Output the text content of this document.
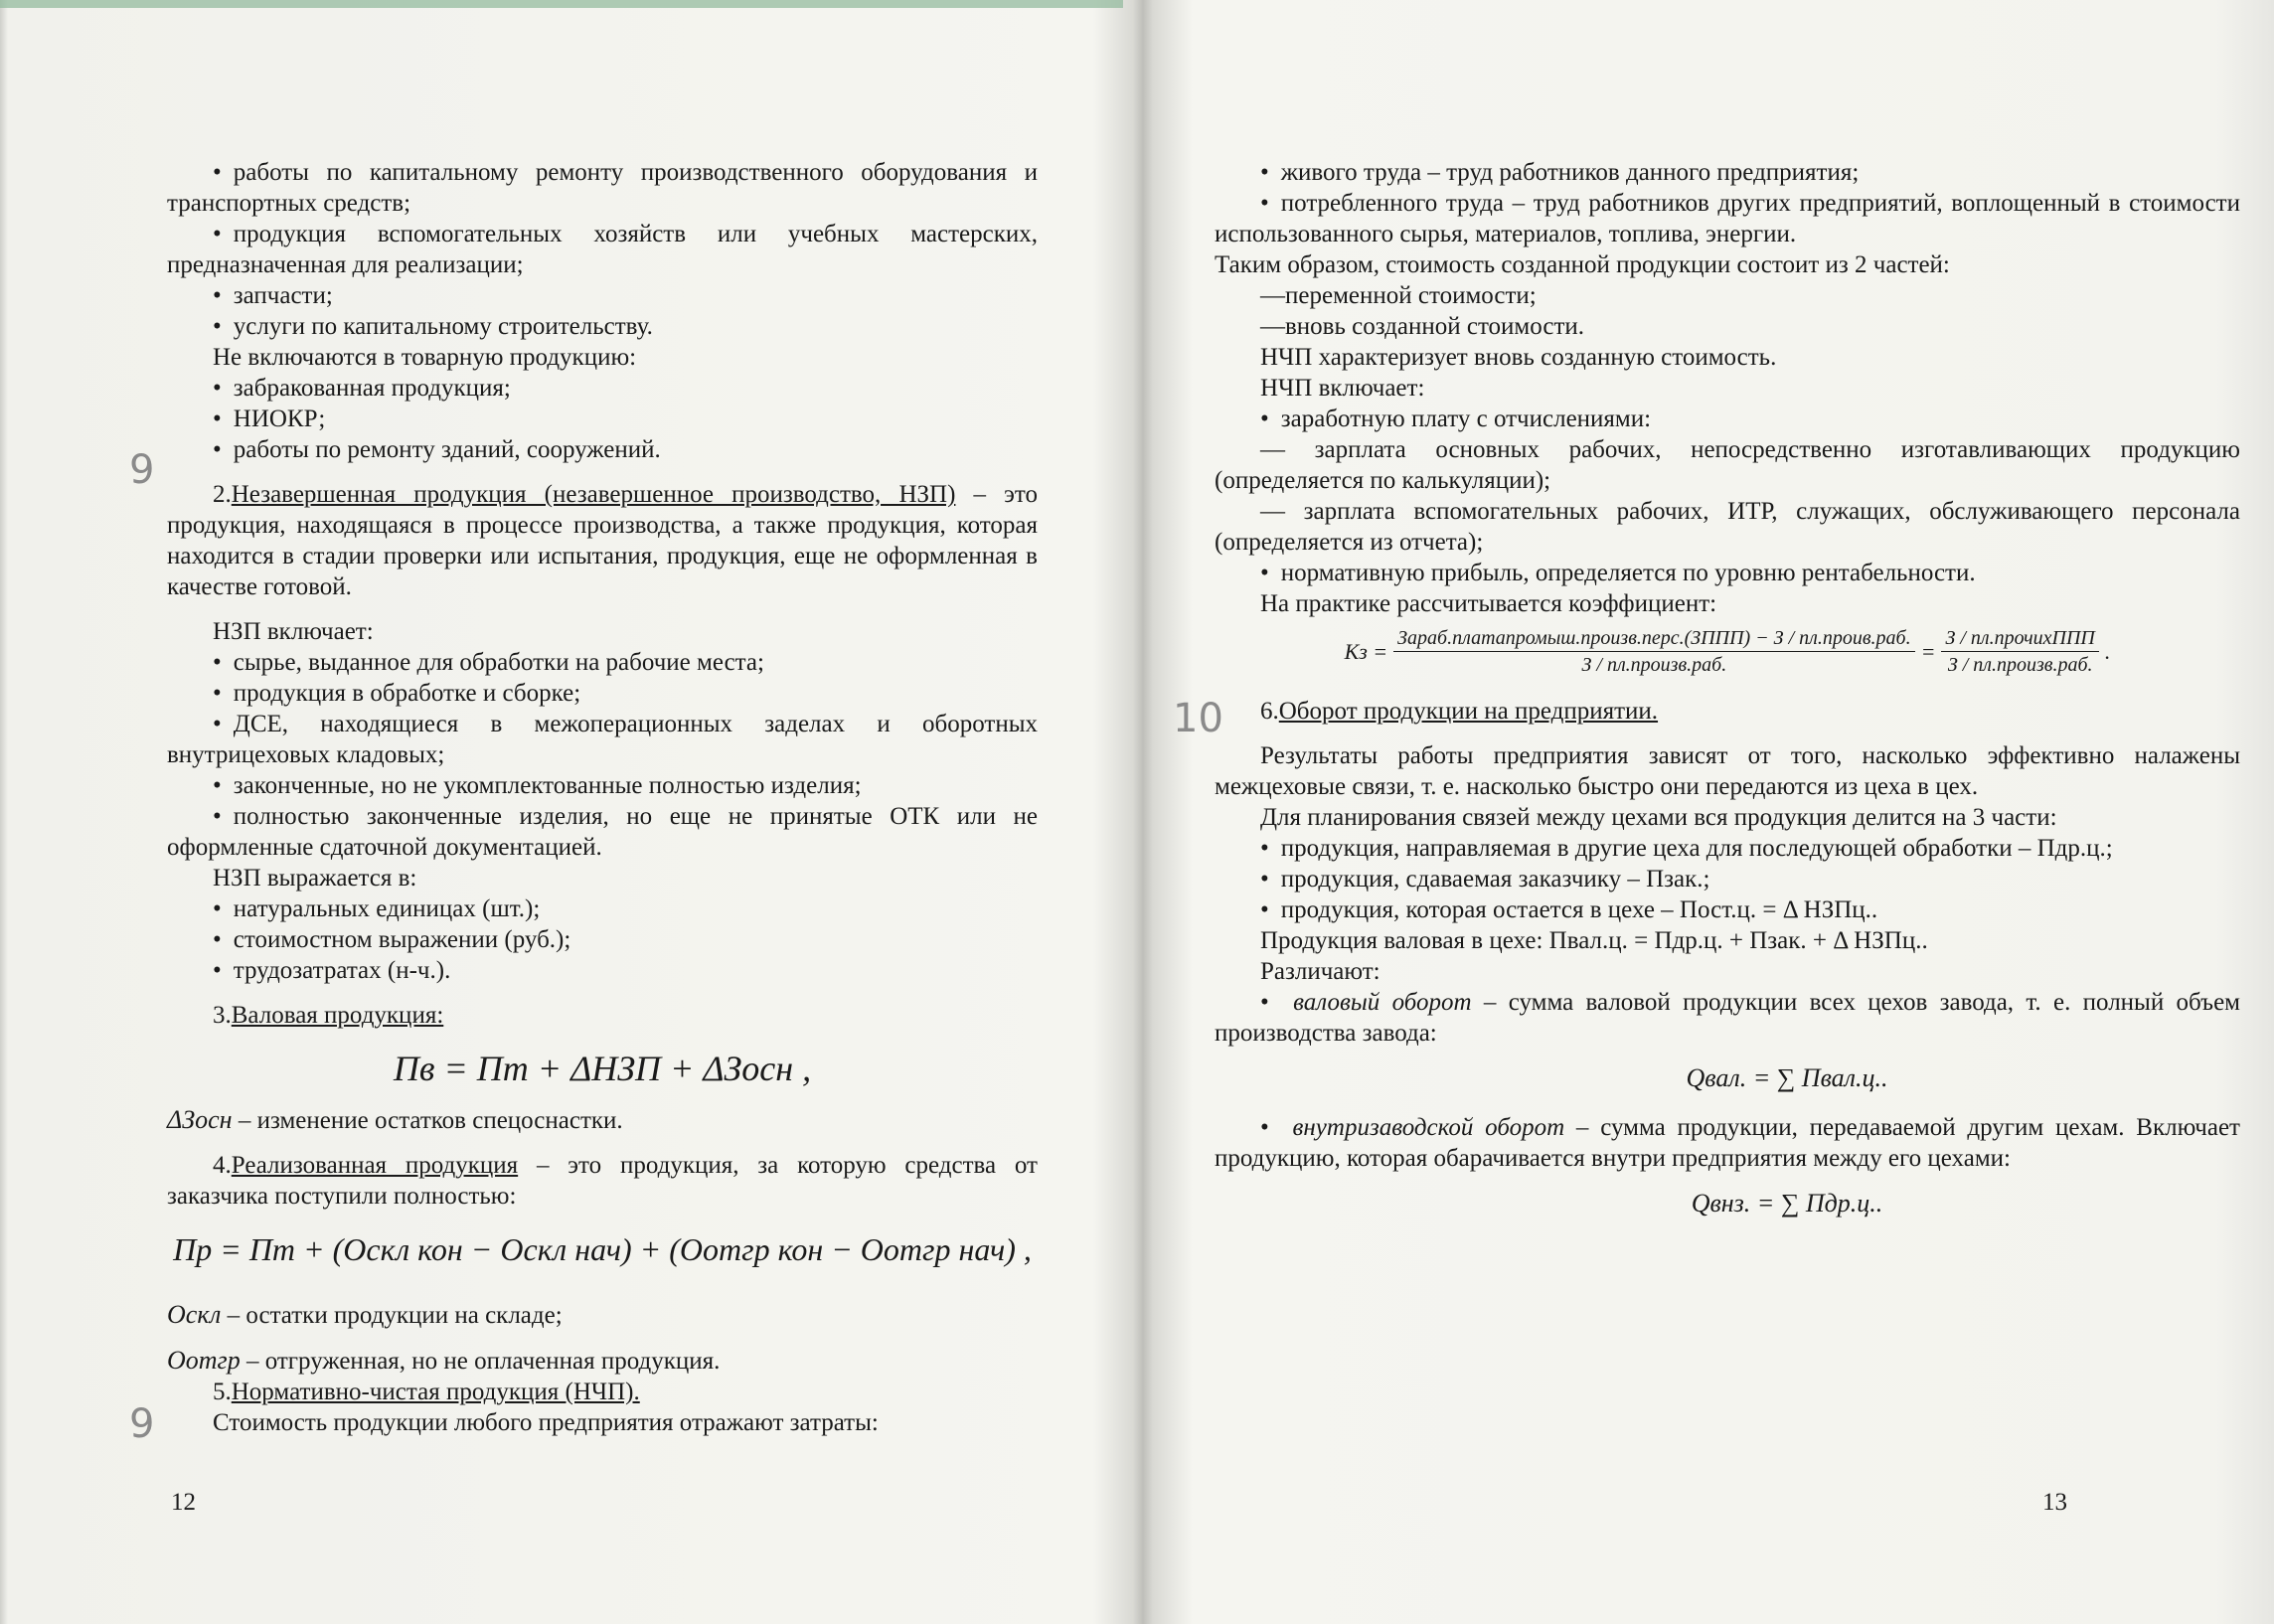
• работы по капитальному ремонту производственного оборудования и транспортных средств;

• продукция вспомогательных хозяйств или учебных мастерских, предназначенная для реализации;

• запчасти;

• услуги по капитальному строительству.

Не включаются в товарную продукцию:

• забракованная продукция;

• НИОКР;

• работы по ремонту зданий, сооружений.

2.Незавершенная продукция (незавершенное производство, НЗП) – это продукция, находящаяся в процессе производства, а также продукция, которая находится в стадии проверки или испытания, продукция, еще не оформленная в качестве готовой.

НЗП включает:

• сырье, выданное для обработки на рабочие места;

• продукция в обработке и сборке;

• ДСЕ, находящиеся в межоперационных заделах и оборотных внутрицеховых кладовых;

• законченные, но не укомплектованные полностью изделия;

• полностью законченные изделия, но еще не принятые ОТК или не оформленные сдаточной документацией.

НЗП выражается в:

• натуральных единицах (шт.);

• стоимостном выражении (руб.);

• трудозатратах (н-ч.).

3.Валовая продукция:

Пв = Пт + ΔНЗП + ΔЗосн ,

ΔЗосн – изменение остатков спецоснастки.

4.Реализованная продукция – это продукция, за которую средства от заказчика поступили полностью:

Пр = Пт + (Оскл кон − Оскл нач) + (Оотгр кон − Оотгр нач) ,

Оскл – остатки продукции на складе;

Оотгр – отгруженная, но не оплаченная продукция.

5.Нормативно-чистая продукция (НЧП).

Стоимость продукции любого предприятия отражают затраты:

12
9
9

• живого труда – труд работников данного предприятия;

• потребленного труда – труд работников других предприятий, воплощенный в стоимости использованного сырья, материалов, топлива, энергии.

Таким образом, стоимость созданной продукции состоит из 2 частей:

—переменной стоимости;

—вновь созданной стоимости.

НЧП характеризует вновь созданную стоимость.

НЧП включает:

• заработную плату с отчислениями:

— зарплата основных рабочих, непосредственно изготавливающих продукцию (определяется по калькуляции);

— зарплата вспомогательных рабочих, ИТР, служащих, обслуживающего персонала (определяется из отчета);

• нормативную прибыль, определяется по уровню рентабельности.

На практике рассчитывается коэффициент:

Кз = $\frac{\text{Зараб.платапромыш.произв.перс.(ЗППП) − З / пл.проив.раб.}}{\text{З / пл.произв.раб.}} = \frac{\text{З / пл.прочихППП}}{\text{З / пл.произв.раб.}}$ .

6.Оборот продукции на предприятии.

Результаты работы предприятия зависят от того, насколько эффективно налажены межцеховые связи, т. е. насколько быстро они передаются из цеха в цех.

Для планирования связей между цехами вся продукция делится на 3 части:

• продукция, направляемая в другие цеха для последующей обработки – Пдр.ц.;

• продукция, сдаваемая заказчику – Пзак.;

• продукция, которая остается в цехе – Пост.ц. = Δ НЗПц..

Продукция валовая в цехе: Пвал.ц. = Пдр.ц. + Пзак. + Δ НЗПц..

Различают:

• валовый оборот – сумма валовой продукции всех цехов завода, т. е. полный объем производства завода:

Qвал. = ∑ Пвал.ц..

• внутризаводской оборот – сумма продукции, передаваемой другим цехам. Включает продукцию, которая обарачивается внутри предприятия между его цехами:

Qвнз. = ∑ Пдр.ц..
13
10
